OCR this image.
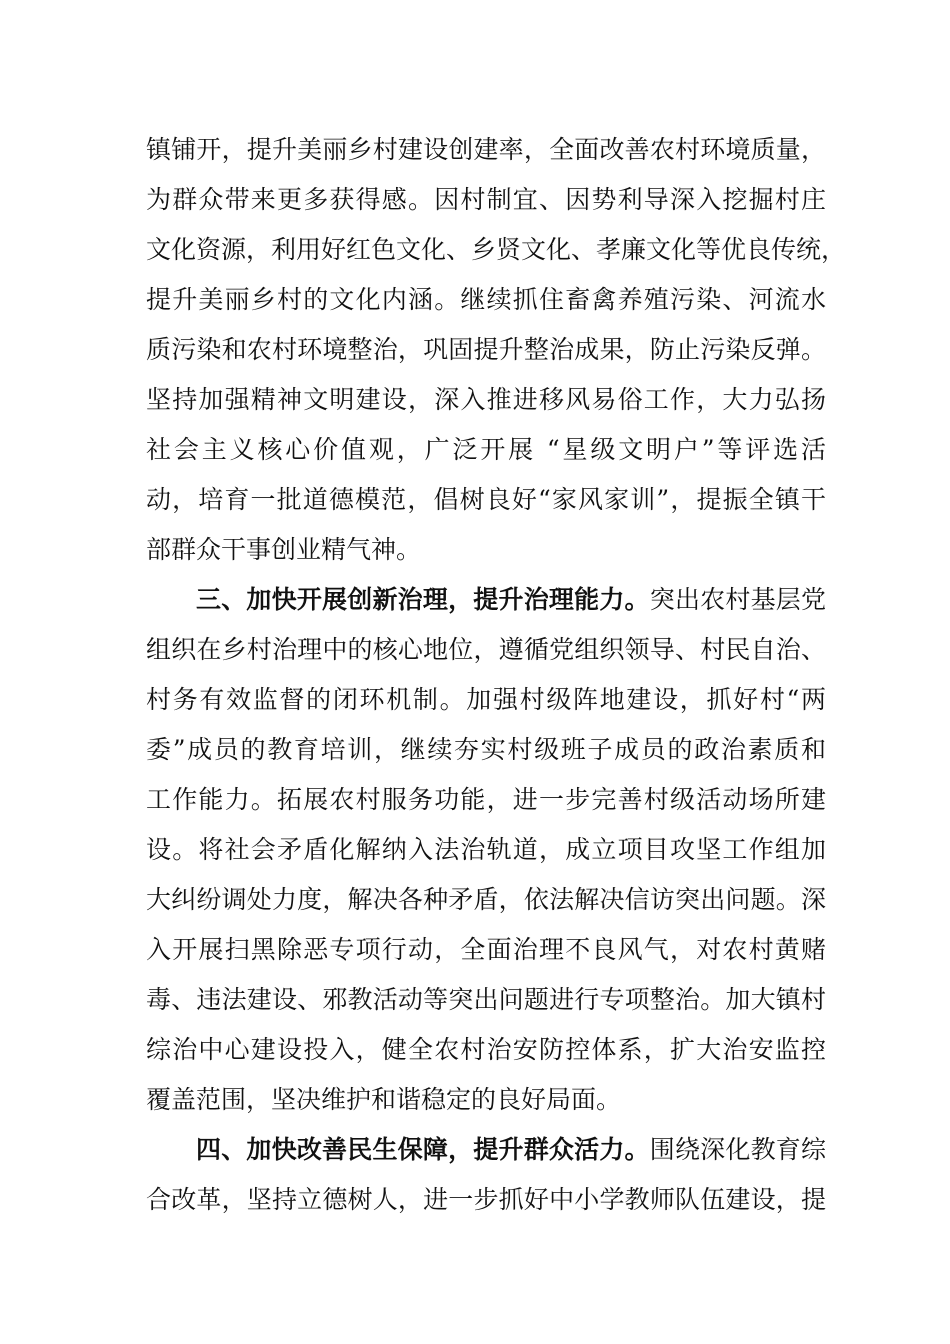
镇铺开，提升美丽乡村建设创建率，全面改善农村环境质量，
为群众带来更多获得感。因村制宜、因势利导深入挖掘村庄
文化资源，利用好红色文化、乡贤文化、孝廉文化等优良传统，
提升美丽乡村的文化内涵。继续抓住畜禽养殖污染、河流水
质污染和农村环境整治，巩固提升整治成果，防止污染反弹。
坚持加强精神文明建设，深入推进移风易俗工作，大力弘扬
社会主义核心价值观，广泛开展 “星级文明户”等评选活
动，培育一批道德模范，倡树良好“家风家训”，提振全镇干
部群众干事创业精气神。
三、加快开展创新治理，提升治理能力。突出农村基层党
组织在乡村治理中的核心地位，遵循党组织领导、村民自治、
村务有效监督的闭环机制。加强村级阵地建设，抓好村“两
委”成员的教育培训，继续夯实村级班子成员的政治素质和
工作能力。拓展农村服务功能，进一步完善村级活动场所建
设。将社会矛盾化解纳入法治轨道，成立项目攻坚工作组加
大纠纷调处力度，解决各种矛盾，依法解决信访突出问题。深
入开展扫黑除恶专项行动，全面治理不良风气，对农村黄赌
毒、违法建设、邪教活动等突出问题进行专项整治。加大镇村
综治中心建设投入，健全农村治安防控体系，扩大治安监控
覆盖范围，坚决维护和谐稳定的良好局面。
四、加快改善民生保障，提升群众活力。围绕深化教育综
合改革，坚持立德树人，进一步抓好中小学教师队伍建设，提
